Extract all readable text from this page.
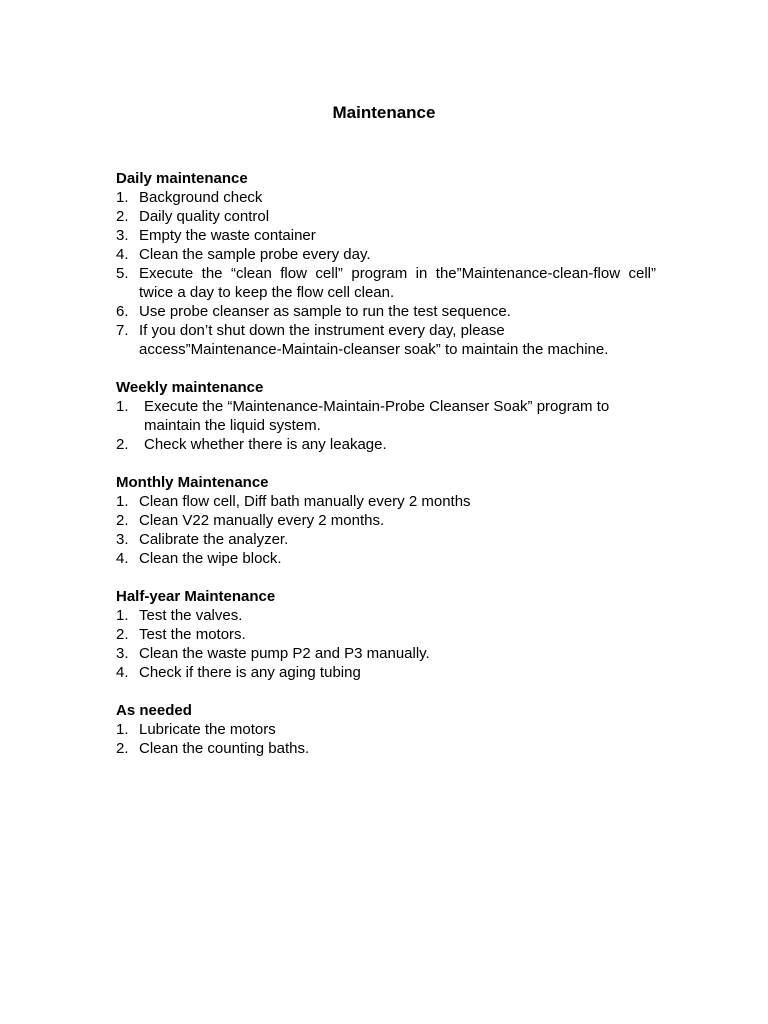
Maintenance
Daily maintenance
1. Background check
2. Daily quality control
3. Empty the waste container
4. Clean the sample probe every day.
5. Execute the “clean flow cell” program in the”Maintenance-clean-flow cell” twice a day to keep the flow cell clean.
6. Use probe cleanser as sample to run the test sequence.
7. If you don’t shut down the instrument every day, please access”Maintenance-Maintain-cleanser soak” to maintain the machine.
Weekly maintenance
1.	Execute the “Maintenance-Maintain-Probe Cleanser Soak” program to maintain the liquid system.
2.	Check whether there is any leakage.
Monthly Maintenance
1. Clean flow cell, Diff bath manually every 2 months
2. Clean V22 manually every 2 months.
3. Calibrate the analyzer.
4. Clean the wipe block.
Half-year Maintenance
1. Test the valves.
2. Test the motors.
3. Clean the waste pump P2 and P3 manually.
4. Check if there is any aging tubing
As needed
1. Lubricate the motors
2. Clean the counting baths.
